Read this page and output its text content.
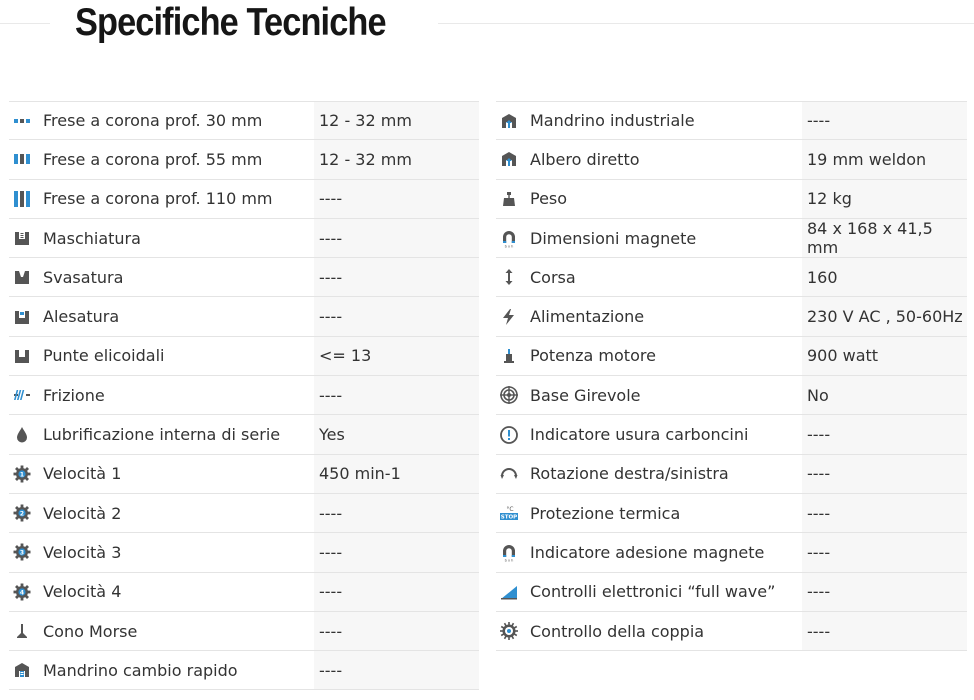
Specifiche Tecniche
Frese a corona prof. 30 mm	12 - 32 mm
Frese a corona prof. 55 mm	12 - 32 mm
Frese a corona prof. 110 mm	----
Maschiatura	----
Svasatura	----
Alesatura	----
Punte elicoidali	<= 13
Frizione	----
Lubrificazione interna di serie	Yes
1 Velocità 1	450 min-1
2 Velocità 2	----
3 Velocità 3	----
4 Velocità 4	----
Cono Morse	----
Mandrino cambio rapido	----
Mandrino industriale	----
Albero diretto	19 mm weldon
Peso	12 kg
b x h Dimensioni magnete	84 x 168 x 41,5 mm
Corsa	160
Alimentazione	230 V AC , 50-60Hz
Potenza motore	900 watt
Base Girevole	No
Indicatore usura carboncini	----
Rotazione destra/sinistra	----
°C
STOP Protezione termica	----
b x h Indicatore adesione magnete	----
Controlli elettronici “full wave”	----
Controllo della coppia	----
